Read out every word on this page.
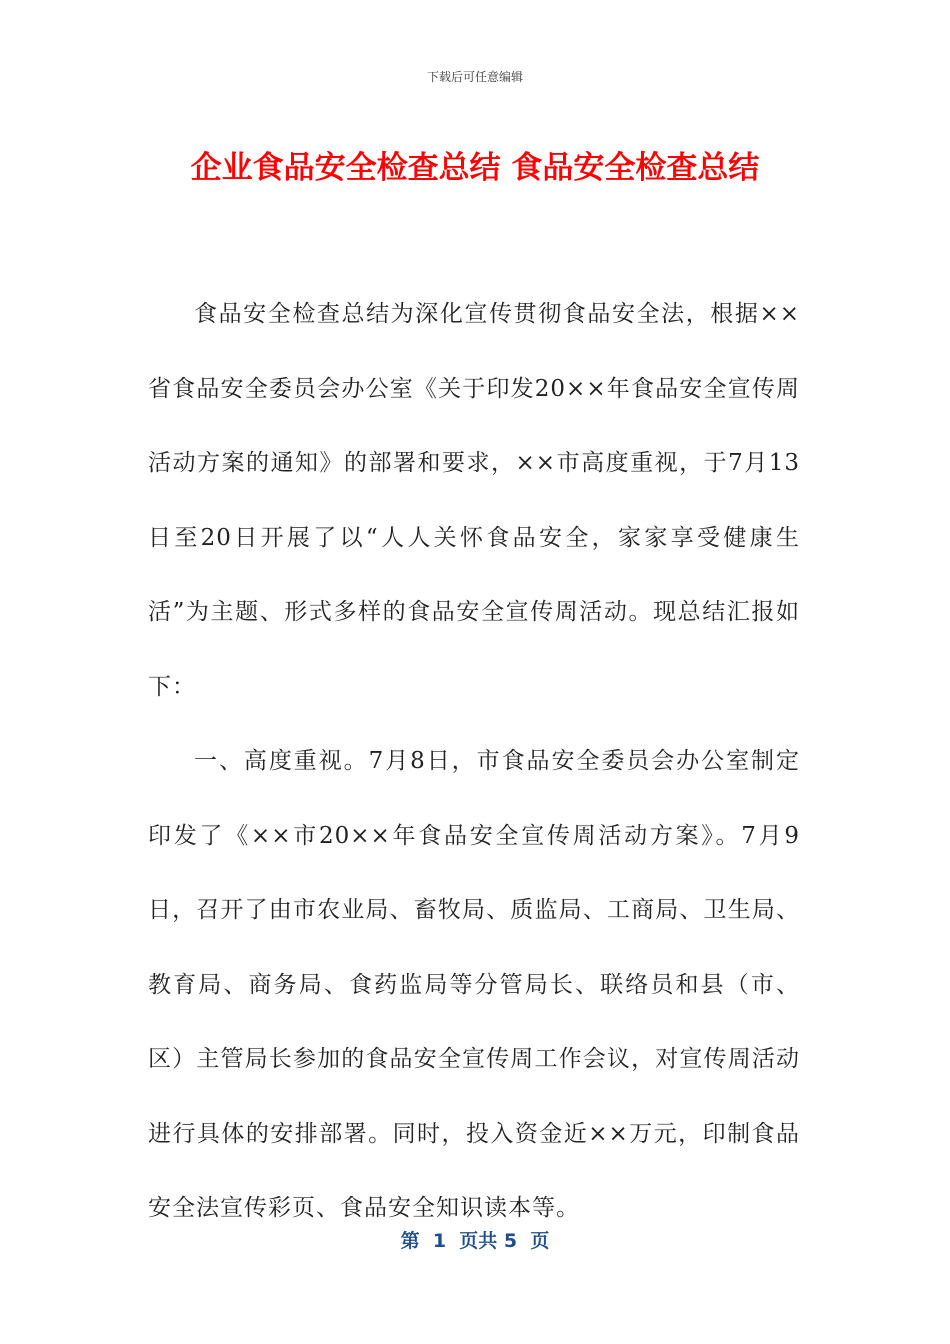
下载后可任意编辑
企业食品安全检查总结 食品安全检查总结

食品安全检查总结为深化宣传贯彻食品安全法，根据××省食品安全委员会办公室《关于印发20××年食品安全宣传周活动方案的通知》的部署和要求，××市高度重视，于7月13日至20日开展了以“人人关怀食品安全，家家享受健康生活”为主题、形式多样的食品安全宣传周活动。现总结汇报如下：

一、高度重视。7月8日，市食品安全委员会办公室制定印发了《××市20××年食品安全宣传周活动方案》。7月9日，召开了由市农业局、畜牧局、质监局、工商局、卫生局、教育局、商务局、食药监局等分管局长、联络员和县（市、区）主管局长参加的食品安全宣传周工作会议，对宣传周活动进行具体的安排部署。同时，投入资金近××万元，印制食品安全法宣传彩页、食品安全知识读本等。

第  1  页共 5  页
